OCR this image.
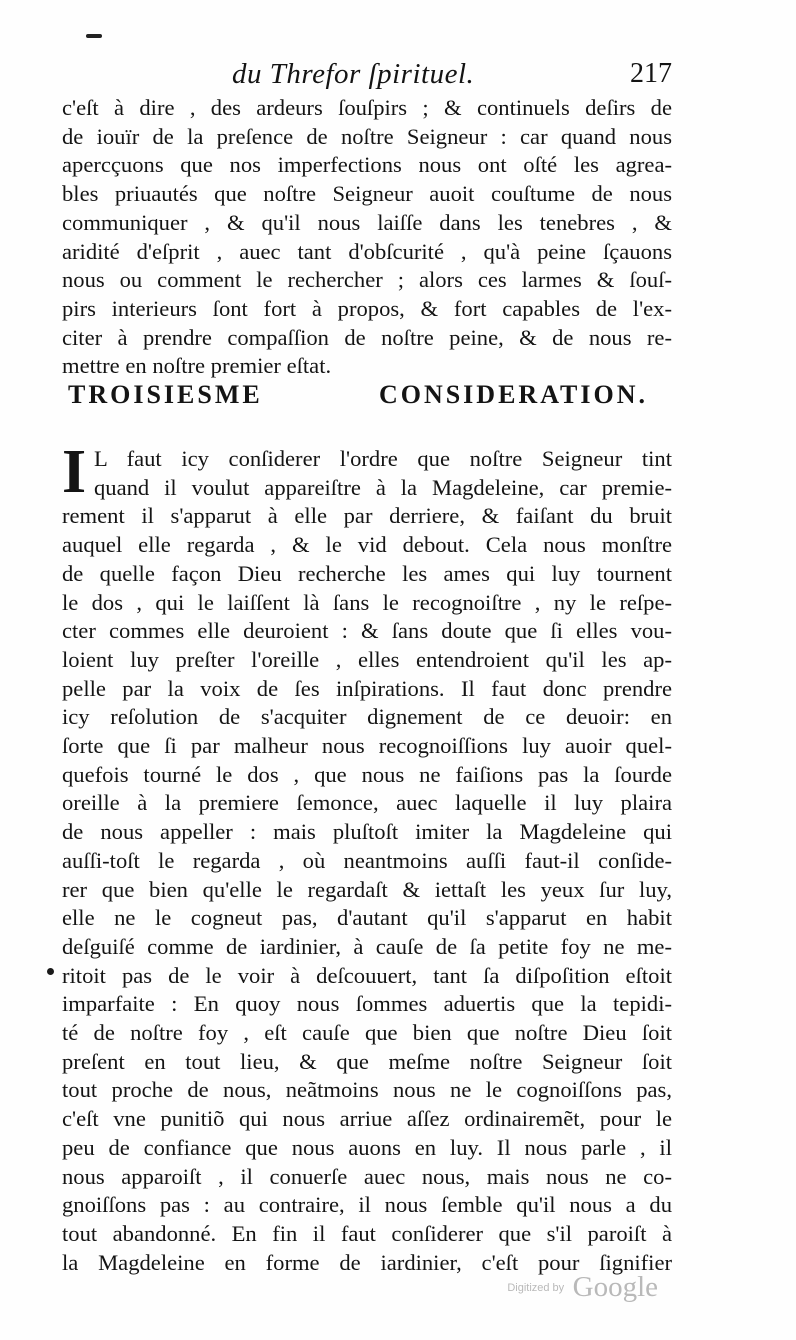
du Threfor ſpirituel.	217
c'eſt à dire , des ardeurs ſouſpirs ; & continuels deſirs de
de iouïr de la preſence de noſtre Seigneur : car quand nous
apercçuons que nos imperfections nous ont oſté les agrea-
bles priuautés que noſtre Seigneur auoit couſtume de nous
communiquer , & qu'il nous laiſſe dans les tenebres , &
aridité d'eſprit , auec tant d'obſcurité , qu'à peine ſçauons
nous ou comment le rechercher ; alors ces larmes & ſouſ-
pirs interieurs ſont fort à propos, & fort capables de l'ex-
citer à prendre compaſſion de noſtre peine, & de nous re-
mettre en noſtre premier eſtat.
TROISIESME CONSIDERATION.
I L faut icy conſiderer l'ordre que noſtre Seigneur tint
quand il voulut appareiſtre à la Magdeleine, car premie-
rement il s'apparut à elle par derriere, & faiſant du bruit
auquel elle regarda , & le vid debout. Cela nous monſtre
de quelle façon Dieu recherche les ames qui luy tournent
le dos , qui le laiſſent là ſans le recognoiſtre , ny le reſpe-
cter commes elle deuroient : & ſans doute que ſi elles vou-
loient luy preſter l'oreille , elles entendroient qu'il les ap-
pelle par la voix de ſes inſpirations. Il faut donc prendre
icy reſolution de s'acquiter dignement de ce deuoir: en
ſorte que ſi par malheur nous recognoiſſions luy auoir quel-
quefois tourné le dos , que nous ne faiſions pas la ſourde
oreille à la premiere ſemonce, auec laquelle il luy plaira
de nous appeller : mais pluſtoſt imiter la Magdeleine qui
auſſi-toſt le regarda , où neantmoins auſſi faut-il conſide-
rer que bien qu'elle le regardaſt & iettaſt les yeux ſur luy,
elle ne le cogneut pas, d'autant qu'il s'apparut en habit
deſguiſé comme de iardinier, à cauſe de ſa petite foy ne me-
ritoit pas de le voir à deſcouuert, tant ſa diſpoſition eſtoit
imparfaite : En quoy nous ſommes aduertis que la tepidi-
té de noſtre foy , eſt cauſe que bien que noſtre Dieu ſoit
preſent en tout lieu, & que meſme noſtre Seigneur ſoit
tout proche de nous, neãtmoins nous ne le cognoiſſons pas,
c'eſt vne punitiõ qui nous arriue aſſez ordinairemẽt, pour le
peu de confiance que nous auons en luy. Il nous parle , il
nous apparoiſt , il conuerſe auec nous, mais nous ne co-
gnoiſſons pas : au contraire, il nous ſemble qu'il nous a du
tout abandonné. En fin il faut conſiderer que s'il paroiſt à
la Magdeleine en forme de iardinier, c'eſt pour ſignifier
Digitized by Google
